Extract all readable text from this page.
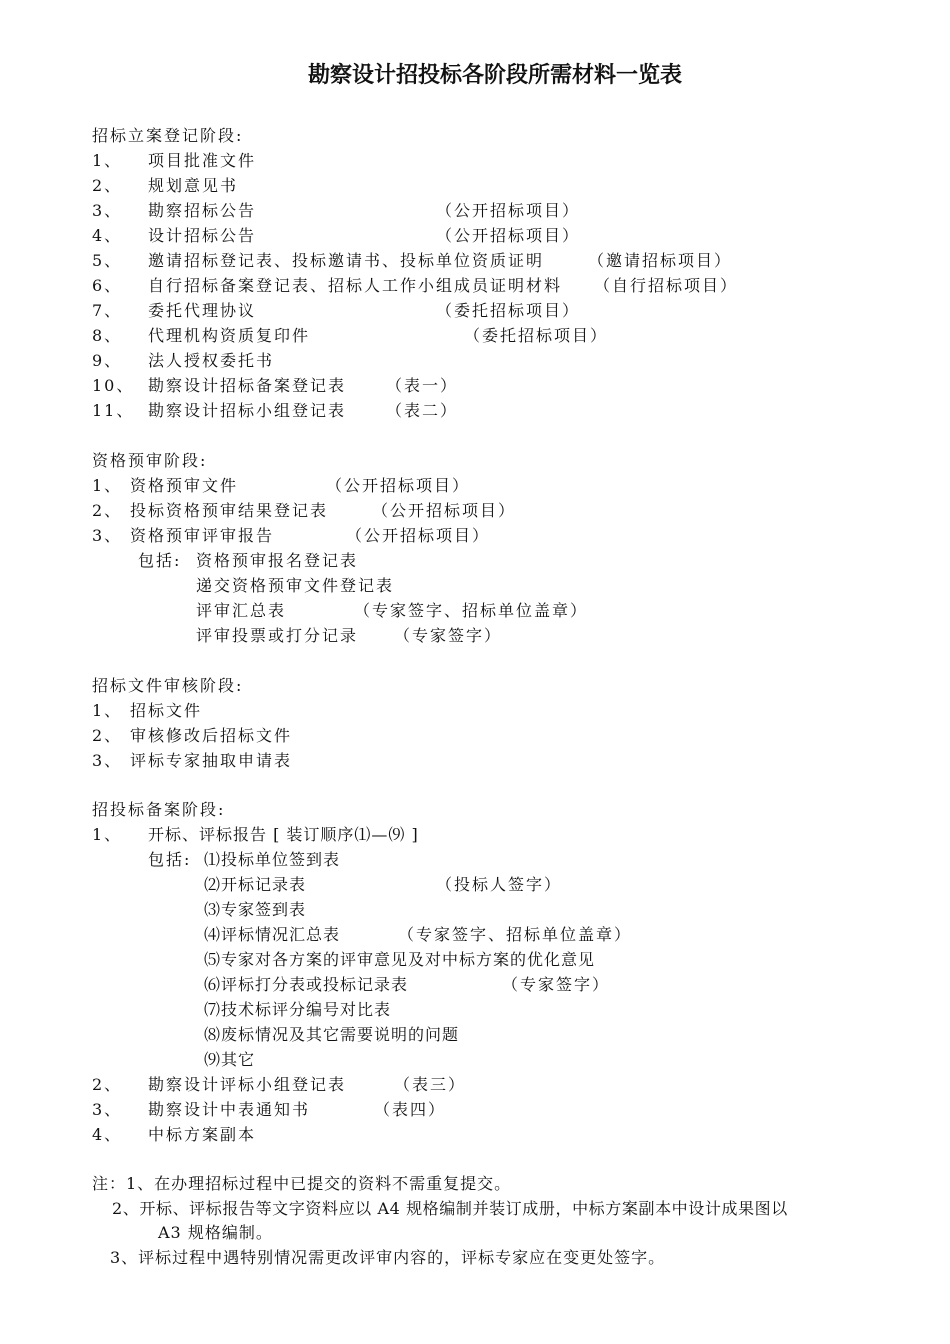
勘察设计招投标各阶段所需材料一览表
招标立案登记阶段:
1、 项目批准文件
2、 规划意见书
3、 勘察招标公告	（公开招标项目）
4、 设计招标公告	（公开招标项目）
5、 邀请招标登记表、投标邀请书、投标单位资质证明	（邀请招标项目）
6、 自行招标备案登记表、招标人工作小组成员证明材料 （自行招标项目）
7、 委托代理协议	（委托招标项目）
8、 代理机构资质复印件	（委托招标项目）
9、 法人授权委托书
10、 勘察设计招标备案登记表 （表一）
11、 勘察设计招标小组登记表 （表二）
资格预审阶段:
1、 资格预审文件	（公开招标项目）
2、 投标资格预审结果登记表	（公开招标项目）
3、 资格预审评审报告	（公开招标项目）
包括: 资格预审报名登记表
递交资格预审文件登记表
评审汇总表	（专家签字、招标单位盖章）
评审投票或打分记录 （专家签字）
招标文件审核阶段:
1、 招标文件
2、 审核修改后招标文件
3、 评标专家抽取申请表
招投标备案阶段:
1、 开标、评标报告 [ 装订顺序⑴—⑼ ]
包括: ⑴投标单位签到表
⑵开标记录表	（投标人签字）
⑶专家签到表
⑷评标情况汇总表	（专家签字、招标单位盖章）
⑸专家对各方案的评审意见及对中标方案的优化意见
⑹评标打分表或投标记录表	（专家签字）
⑺技术标评分编号对比表
⑻废标情况及其它需要说明的问题
⑼其它
2、 勘察设计评标小组登记表	（表三）
3、 勘察设计中表通知书	（表四）
4、 中标方案副本
注：1、在办理招标过程中已提交的资料不需重复提交。
2、开标、评标报告等文字资料应以 A4 规格编制并装订成册，中标方案副本中设计成果图以
A3 规格编制。
3、评标过程中遇特别情况需更改评审内容的，评标专家应在变更处签字。
